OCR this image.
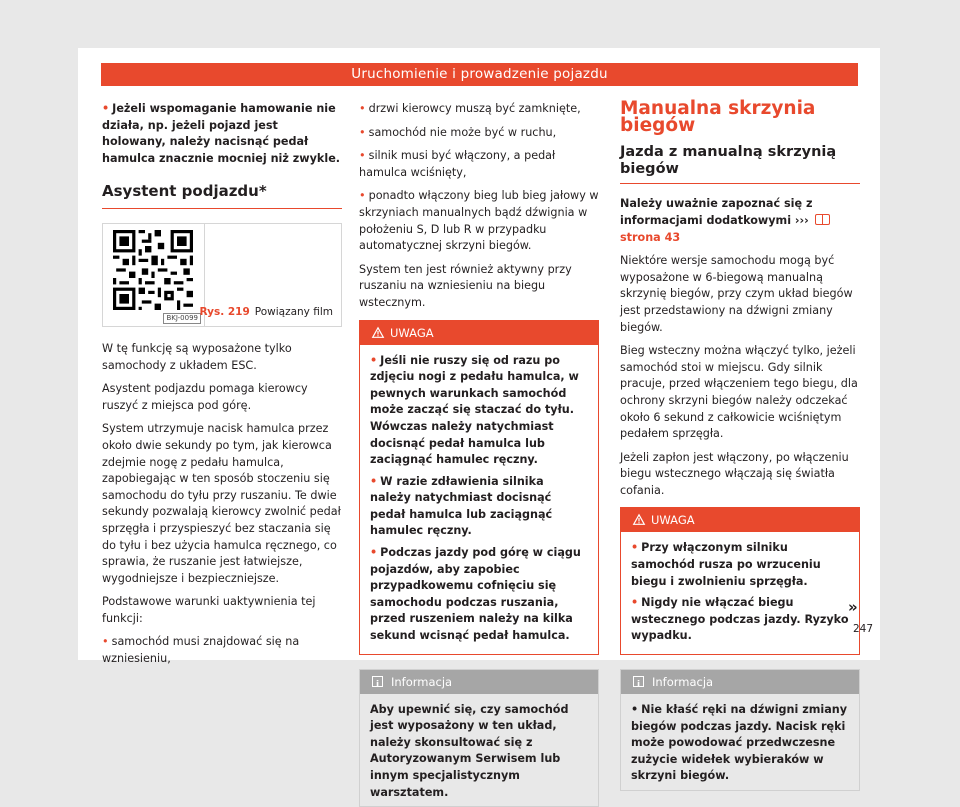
Uruchomienie i prowadzenie pojazdu
• Jeżeli wspomaganie hamowanie nie działa, np. jeżeli pojazd jest holowany, należy nacisnąć pedał hamulca znacznie mocniej niż zwykle.
Asystent podjazdu*
BKJ-0099 Rys. 219 Powiązany film

W tę funkcję są wyposażone tylko samochody z układem ESC.

Asystent podjazdu pomaga kierowcy ruszyć z miejsca pod górę.

System utrzymuje nacisk hamulca przez około dwie sekundy po tym, jak kierowca zdejmie nogę z pedału hamulca, zapobiegając w ten sposób stoczeniu się samochodu do tyłu przy ruszaniu. Te dwie sekundy pozwalają kierowcy zwolnić pedał sprzęgła i przyspieszyć bez staczania się do tyłu i bez użycia hamulca ręcznego, co sprawia, że ruszanie jest łatwiejsze, wygodniejsze i bezpieczniejsze.

Podstawowe warunki uaktywnienia tej funkcji:

• samochód musi znajdować się na wzniesieniu,
• drzwi kierowcy muszą być zamknięte,
• samochód nie może być w ruchu,
• silnik musi być włączony, a pedał hamulca wciśnięty,
• ponadto włączony bieg lub bieg jałowy w skrzyniach manualnych bądź dźwignia w położeniu S, D lub R w przypadku automatycznej skrzyni biegów.

System ten jest również aktywny przy ruszaniu na wzniesieniu na biegu wstecznym.

UWAGA
• Jeśli nie ruszy się od razu po zdjęciu nogi z pedału hamulca, w pewnych warunkach samochód może zacząć się staczać do tyłu. Wówczas należy natychmiast docisnąć pedał hamulca lub zaciągnąć hamulec ręczny.
• W razie zdławienia silnika należy natychmiast docisnąć pedał hamulca lub zaciągnąć hamulec ręczny.
• Podczas jazdy pod górę w ciągu pojazdów, aby zapobiec przypadkowemu cofnięciu się samochodu podczas ruszania, przed ruszeniem należy na kilka sekund wcisnąć pedał hamulca.
iInformacja
Aby upewnić się, czy samochód jest wyposażony w ten układ, należy skonsultować się z Autoryzowanym Serwisem lub innym specjalistycznym warsztatem.
Manualna skrzynia biegów
Jazda z manualną skrzynią biegów

Należy uważnie zapoznać się z informacjami dodatkowymi ›››  strona 43

Niektóre wersje samochodu mogą być wyposażone w 6-biegową manualną skrzynię biegów, przy czym układ biegów jest przedstawiony na dźwigni zmiany biegów.

Bieg wsteczny można włączyć tylko, jeżeli samochód stoi w miejscu. Gdy silnik pracuje, przed włączeniem tego biegu, dla ochrony skrzyni biegów należy odczekać około 6 sekund z całkowicie wciśniętym pedałem sprzęgła.

Jeżeli zapłon jest włączony, po włączeniu biegu wstecznego włączają się światła cofania.

UWAGA
• Przy włączonym silniku samochód rusza po wrzuceniu biegu i zwolnieniu sprzęgła.
• Nigdy nie włączać biegu wstecznego podczas jazdy. Ryzyko wypadku.
iInformacja
• Nie kłaść ręki na dźwigni zmiany biegów podczas jazdy. Nacisk ręki może powodować przedwczesne zużycie widełek wybieraków w skrzyni biegów.
»
247
